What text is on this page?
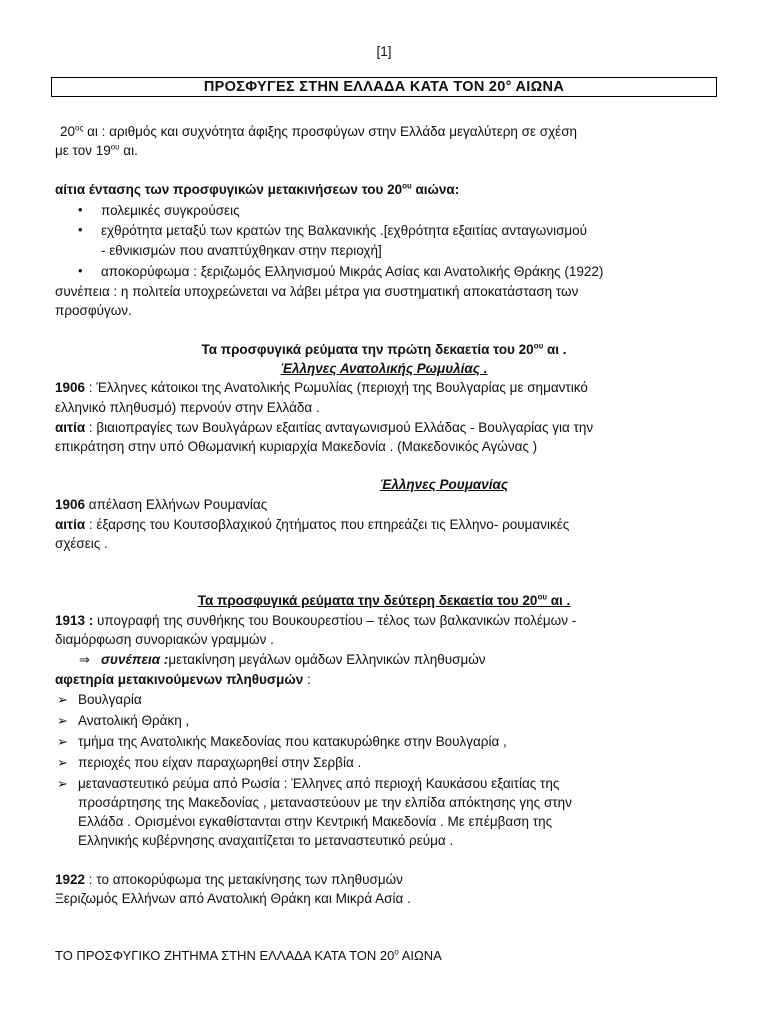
[1]
ΠΡΟΣΦΥΓΕΣ ΣΤΗΝ ΕΛΛΑΔΑ ΚΑΤΑ ΤΟΝ 20° ΑΙΩΝΑ
$20^{o\varsigma}$ αι : αριθμός και συχνότητα άφιξης προσφύγων στην Ελλάδα μεγαλύτερη σε σχέση
με τον $19^{o\upsilon}$ αι.
αίτια έντασης των προσφυγικών μετακινήσεων του $20^{o\upsilon}$ αιώνα:
• πολεμικές συγκρούσεις
• εχθρότητα μεταξύ των κρατών της Βαλκανικής .[εχθρότητα εξαιτίας ανταγωνισμού
- εθνικισμών που αναπτύχθηκαν στην περιοχή]
• αποκορύφωμα : ξεριζωμός Ελληνισμού Μικράς Ασίας και Ανατολικής Θράκης (1922)
συνέπεια : η πολιτεία υποχρεώνεται να λάβει μέτρα για συστηματική αποκατάσταση των
προσφύγων.
Τα προσφυγικά ρεύματα την πρώτη δεκαετία του $20^{o\upsilon}$ αι .
Έλληνες Ανατολικής Ρωμυλίας .
1906 : Έλληνες κάτοικοι της Ανατολικής Ρωμυλίας (περιοχή της Βουλγαρίας με σημαντικό
ελληνικό πληθυσμό) περνούν στην Ελλάδα .
αιτία : βιαιοπραγίες των Βουλγάρων εξαιτίας ανταγωνισμού Ελλάδας - Βουλγαρίας για την
επικράτηση στην υπό Οθωμανική κυριαρχία Μακεδονία . (Μακεδονικός Αγώνας )
Έλληνες Ρουμανίας
1906 απέλαση Ελλήνων Ρουμανίας
αιτία : έξαρσης του Κουτσοβλαχικού ζητήματος που επηρεάζει τις Ελληνο- ρουμανικές
σχέσεις .
Τα προσφυγικά ρεύματα την δεύτερη δεκαετία του $20^{o\upsilon}$ αι .
1913 : υπογραφή της συνθήκης του Βουκουρεστίου – τέλος των βαλκανικών πολέμων -
διαμόρφωση συνοριακών γραμμών .
⇒ συνέπεια :μετακίνηση μεγάλων ομάδων Ελληνικών πληθυσμών
αφετηρία μετακινούμενων πληθυσμών :
➢ Βουλγαρία
➢ Ανατολική Θράκη ,
➢ τμήμα της Ανατολικής Μακεδονίας που κατακυρώθηκε στην Βουλγαρία ,
➢ περιοχές που είχαν παραχωρηθεί στην Σερβία .
➢ μεταναστευτικό ρεύμα από Ρωσία : Έλληνες από περιοχή Καυκάσου εξαιτίας της
προσάρτησης της Μακεδονίας , μεταναστεύουν με την ελπίδα απόκτησης γης στην
Ελλάδα . Ορισμένοι εγκαθίστανται στην Κεντρική Μακεδονία . Με επέμβαση της
Ελληνικής κυβέρνησης αναχαιτίζεται το μεταναστευτικό ρεύμα .
1922 : το αποκορύφωμα της μετακίνησης των πληθυσμών
Ξεριζωμός Ελλήνων από Ανατολική Θράκη και Μικρά Ασία .
ΤΟ ΠΡΟΣΦΥΓΙΚΟ ΖΗΤΗΜΑ ΣΤΗΝ ΕΛΛΑΔΑ ΚΑΤΑ ΤΟΝ $20^o$ ΑΙΩΝΑ
